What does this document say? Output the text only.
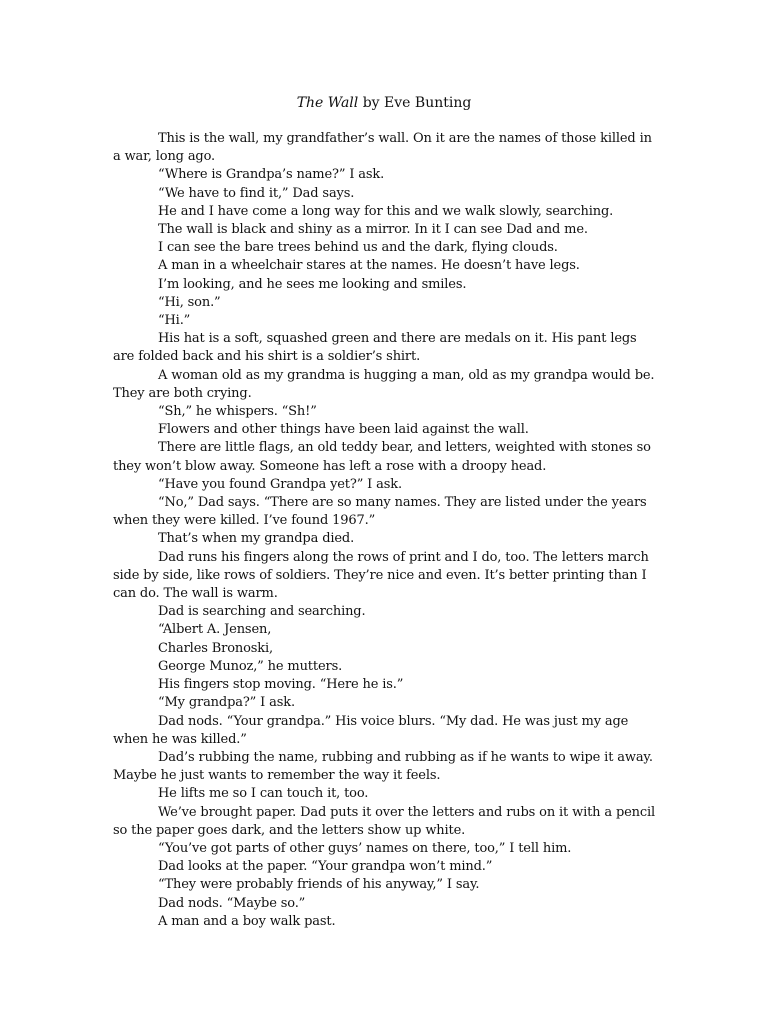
The Wall by Eve Bunting

This is the wall, my grandfather’s wall. On it are the names of those killed in a war, long ago.

“Where is Grandpa’s name?” I ask.

“We have to find it,” Dad says.

He and I have come a long way for this and we walk slowly, searching.

The wall is black and shiny as a mirror. In it I can see Dad and me.

I can see the bare trees behind us and the dark, flying clouds.

A man in a wheelchair stares at the names. He doesn’t have legs.

I’m looking, and he sees me looking and smiles.

“Hi, son.”

“Hi.”

His hat is a soft, squashed green and there are medals on it. His pant legs are folded back and his shirt is a soldier’s shirt.

A woman old as my grandma is hugging a man, old as my grandpa would be. They are both crying.

“Sh,” he whispers. “Sh!”

Flowers and other things have been laid against the wall.

There are little flags, an old teddy bear, and letters, weighted with stones so they won’t blow away. Someone has left a rose with a droopy head.

“Have you found Grandpa yet?” I ask.

“No,” Dad says. “There are so many names. They are listed under the years when they were killed. I’ve found 1967.”

That’s when my grandpa died.

Dad runs his fingers along the rows of print and I do, too. The letters march side by side, like rows of soldiers. They’re nice and even. It’s better printing than I can do. The wall is warm.

Dad is searching and searching.

“Albert A. Jensen,

Charles Bronoski,

George Munoz,” he mutters.

His fingers stop moving. “Here he is.”

“My grandpa?” I ask.

Dad nods. “Your grandpa.” His voice blurs. “My dad. He was just my age when he was killed.”

Dad’s rubbing the name, rubbing and rubbing as if he wants to wipe it away. Maybe he just wants to remember the way it feels.

He lifts me so I can touch it, too.

We’ve brought paper. Dad puts it over the letters and rubs on it with a pencil so the paper goes dark, and the letters show up white.

“You’ve got parts of other guys’ names on there, too,” I tell him.

Dad looks at the paper. “Your grandpa won’t mind.”

“They were probably friends of his anyway,” I say.

Dad nods. “Maybe so.”

A man and a boy walk past.
